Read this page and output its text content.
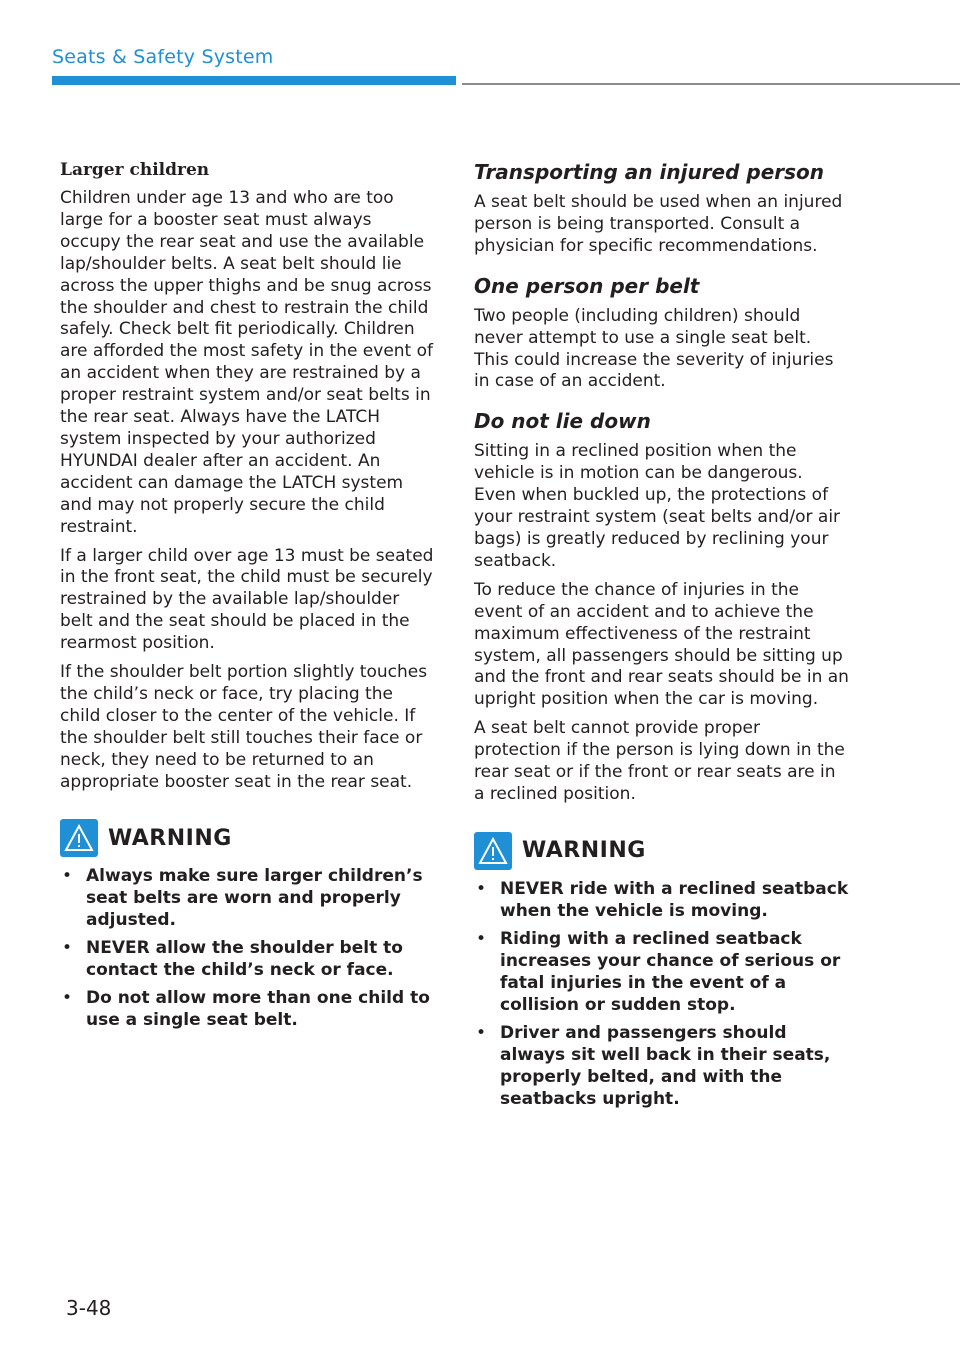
Seats & Safety System
Larger children

Children under age 13 and who are too large for a booster seat must always occupy the rear seat and use the available lap/shoulder belts. A seat belt should lie across the upper thighs and be snug across the shoulder and chest to restrain the child safely. Check belt fit periodically. Children are afforded the most safety in the event of an accident when they are restrained by a proper restraint system and/or seat belts in the rear seat. Always have the LATCH system inspected by your authorized HYUNDAI dealer after an accident. An accident can damage the LATCH system and may not properly secure the child restraint.

If a larger child over age 13 must be seated in the front seat, the child must be securely restrained by the available lap/shoulder belt and the seat should be placed in the rearmost position.

If the shoulder belt portion slightly touches the child’s neck or face, try placing the child closer to the center of the vehicle. If the shoulder belt still touches their face or neck, they need to be returned to an appropriate booster seat in the rear seat.

WARNING
• Always make sure larger children’s seat belts are worn and properly adjusted.
• NEVER allow the shoulder belt to contact the child’s neck or face.
• Do not allow more than one child to use a single seat belt.
Transporting an injured person

A seat belt should be used when an injured person is being transported. Consult a physician for specific recommendations.

One person per belt

Two people (including children) should never attempt to use a single seat belt. This could increase the severity of injuries in case of an accident.

Do not lie down

Sitting in a reclined position when the vehicle is in motion can be dangerous. Even when buckled up, the protections of your restraint system (seat belts and/or air bags) is greatly reduced by reclining your seatback.

To reduce the chance of injuries in the event of an accident and to achieve the maximum effectiveness of the restraint system, all passengers should be sitting up and the front and rear seats should be in an upright position when the car is moving.

A seat belt cannot provide proper protection if the person is lying down in the rear seat or if the front or rear seats are in a reclined position.

WARNING
• NEVER ride with a reclined seatback when the vehicle is moving.
• Riding with a reclined seatback increases your chance of serious or fatal injuries in the event of a collision or sudden stop.
• Driver and passengers should always sit well back in their seats, properly belted, and with the seatbacks upright.
3-48
